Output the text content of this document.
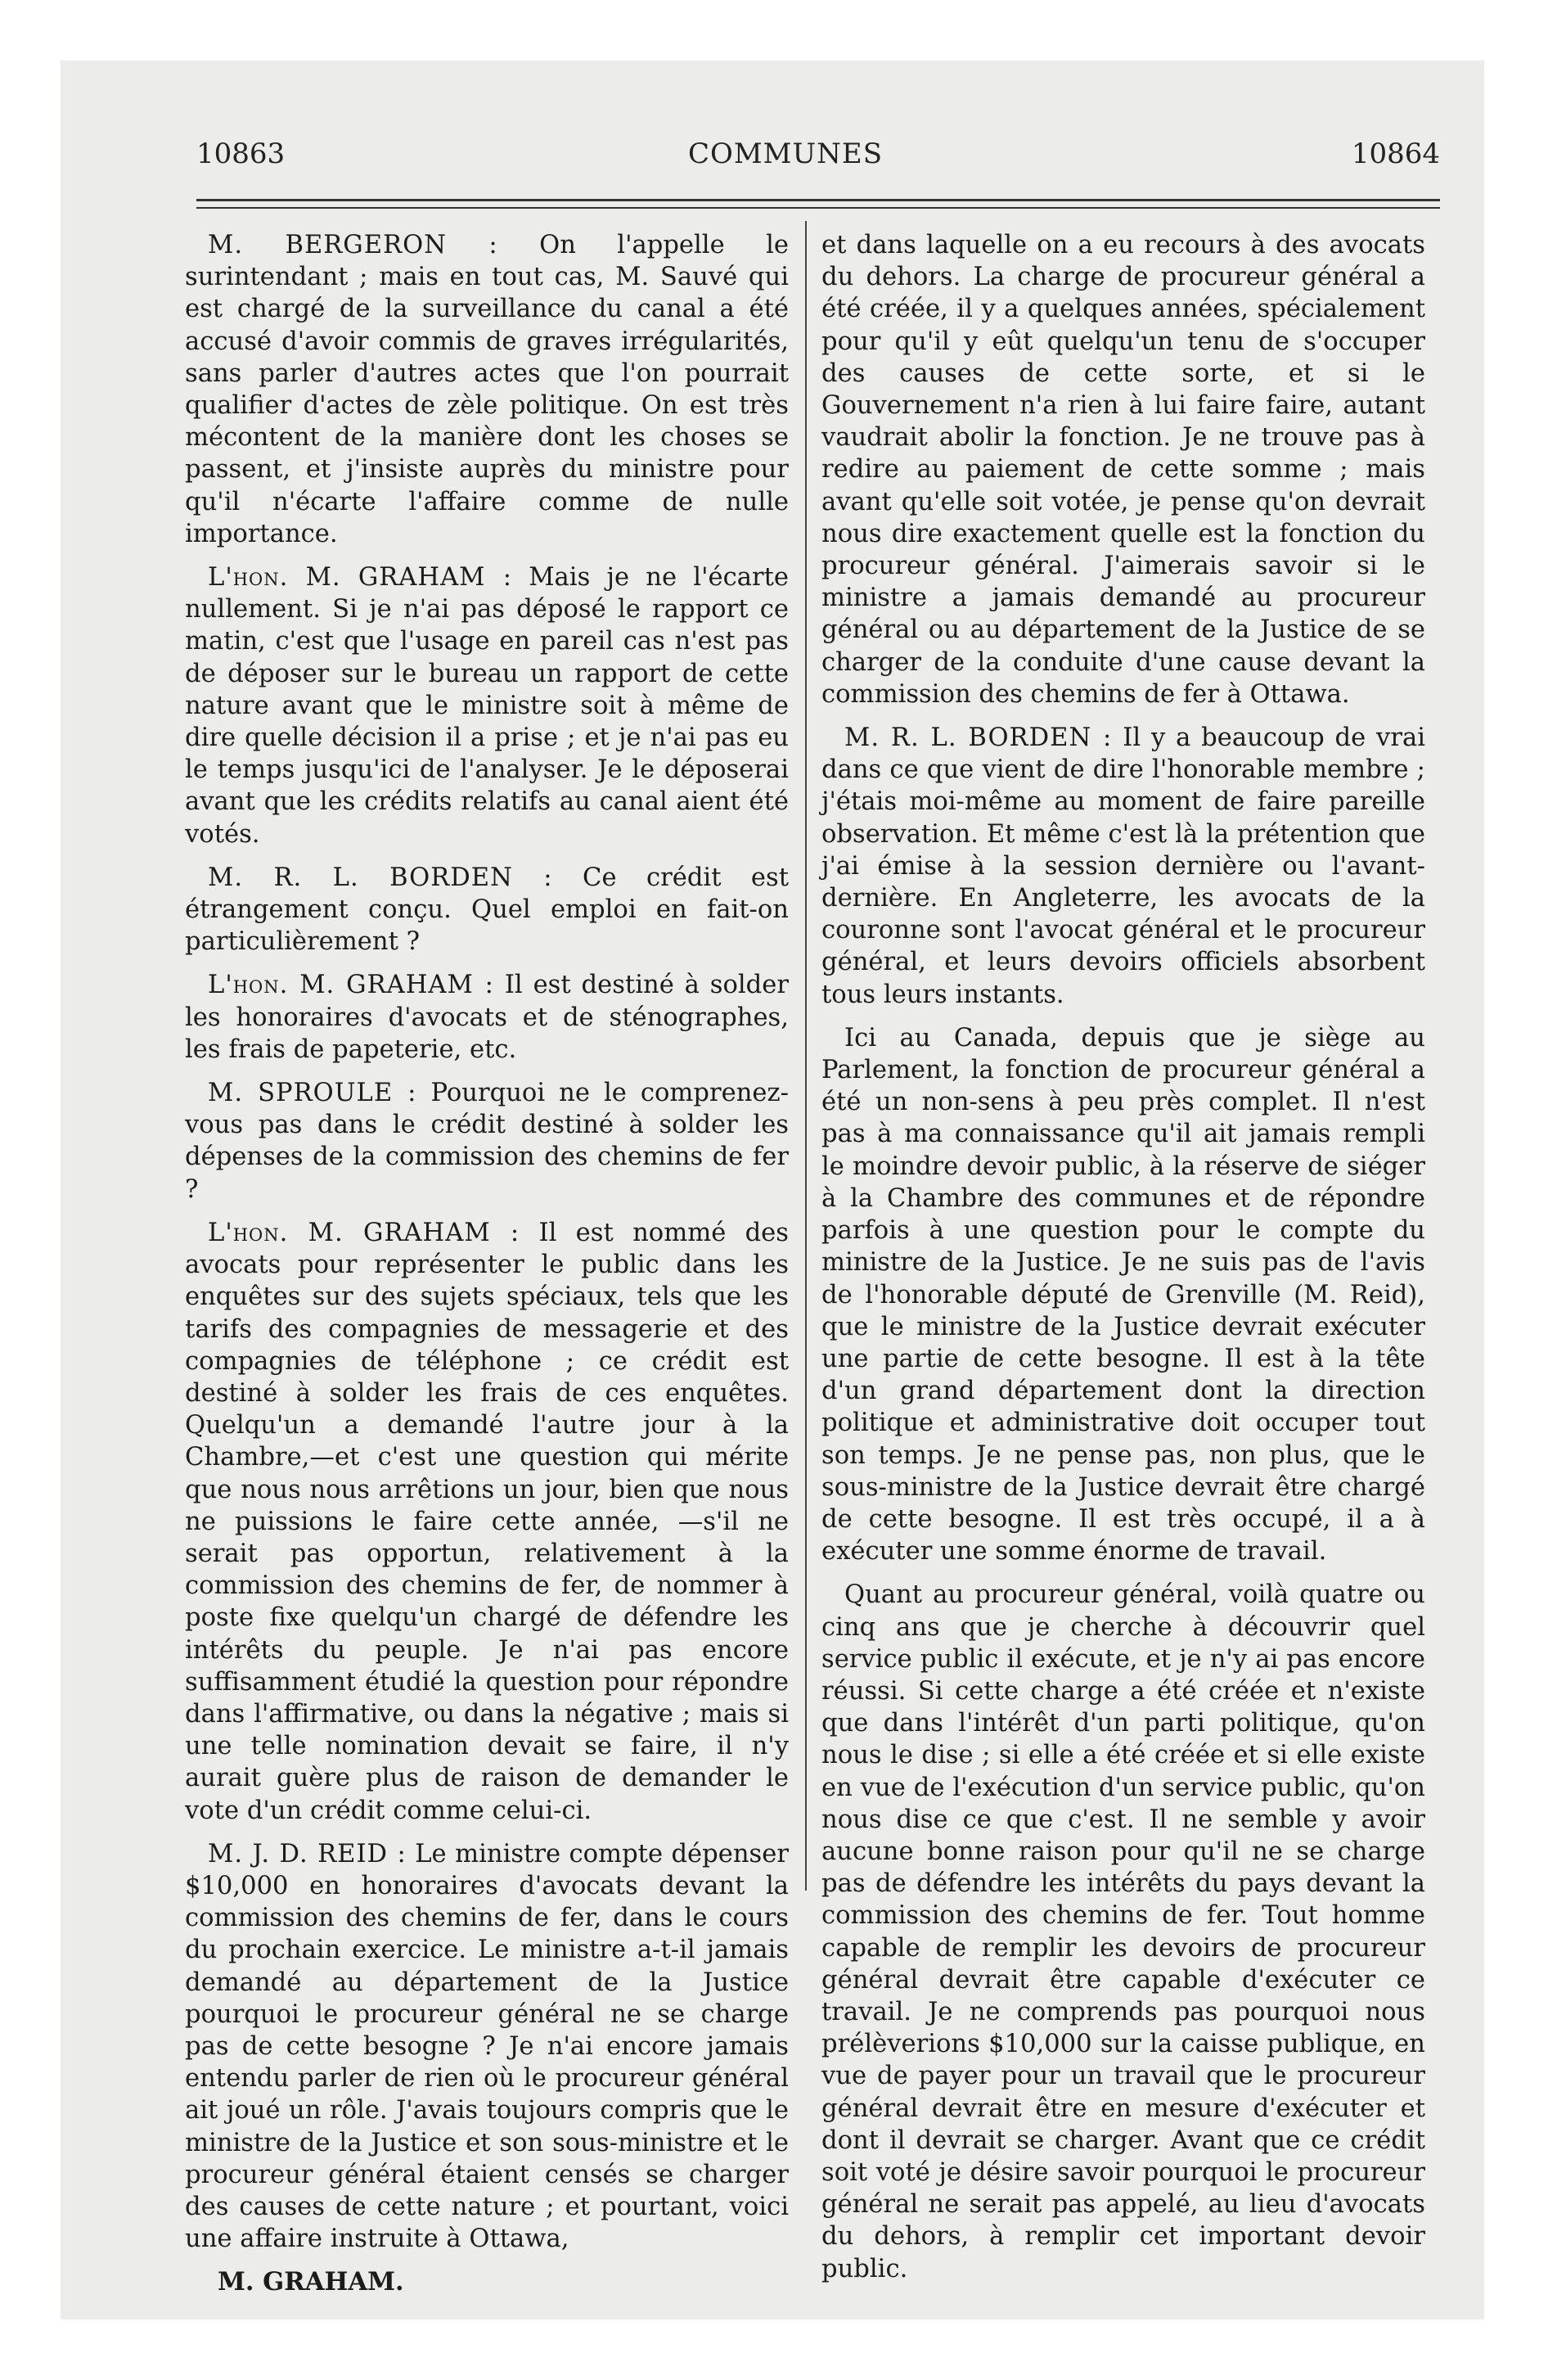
10863	COMMUNES	10864

M. BERGERON : On l'appelle le surintendant ; mais en tout cas, M. Sauvé qui est chargé de la surveillance du canal a été accusé d'avoir commis de graves irrégularités, sans parler d'autres actes que l'on pourrait qualifier d'actes de zèle politique. On est très mécontent de la manière dont les choses se passent, et j'insiste auprès du ministre pour qu'il n'écarte l'affaire comme de nulle importance.

L'hon. M. GRAHAM : Mais je ne l'écarte nullement. Si je n'ai pas déposé le rapport ce matin, c'est que l'usage en pareil cas n'est pas de déposer sur le bureau un rapport de cette nature avant que le ministre soit à même de dire quelle décision il a prise ; et je n'ai pas eu le temps jusqu'ici de l'analyser. Je le déposerai avant que les crédits relatifs au canal aient été votés.

M. R. L. BORDEN : Ce crédit est étrangement conçu. Quel emploi en fait-on particulièrement ?

L'hon. M. GRAHAM : Il est destiné à solder les honoraires d'avocats et de sténographes, les frais de papeterie, etc.

M. SPROULE : Pourquoi ne le comprenez-vous pas dans le crédit destiné à solder les dépenses de la commission des chemins de fer ?

L'hon. M. GRAHAM : Il est nommé des avocats pour représenter le public dans les enquêtes sur des sujets spéciaux, tels que les tarifs des compagnies de messagerie et des compagnies de téléphone ; ce crédit est destiné à solder les frais de ces enquêtes. Quelqu'un a demandé l'autre jour à la Chambre,—et c'est une question qui mérite que nous nous arrêtions un jour, bien que nous ne puissions le faire cette année, —s'il ne serait pas opportun, relativement à la commission des chemins de fer, de nommer à poste fixe quelqu'un chargé de défendre les intérêts du peuple. Je n'ai pas encore suffisamment étudié la question pour répondre dans l'affirmative, ou dans la négative ; mais si une telle nomination devait se faire, il n'y aurait guère plus de raison de demander le vote d'un crédit comme celui-ci.

M. J. D. REID : Le ministre compte dépenser $10,000 en honoraires d'avocats devant la commission des chemins de fer, dans le cours du prochain exercice. Le ministre a-t-il jamais demandé au département de la Justice pourquoi le procureur général ne se charge pas de cette besogne ? Je n'ai encore jamais entendu parler de rien où le procureur général ait joué un rôle. J'avais toujours compris que le ministre de la Justice et son sous-ministre et le procureur général étaient censés se charger des causes de cette nature ; et pourtant, voici une affaire instruite à Ottawa,

M. GRAHAM.

et dans laquelle on a eu recours à des avocats du dehors. La charge de procureur général a été créée, il y a quelques années, spécialement pour qu'il y eût quelqu'un tenu de s'occuper des causes de cette sorte, et si le Gouvernement n'a rien à lui faire faire, autant vaudrait abolir la fonction. Je ne trouve pas à redire au paiement de cette somme ; mais avant qu'elle soit votée, je pense qu'on devrait nous dire exactement quelle est la fonction du procureur général. J'aimerais savoir si le ministre a jamais demandé au procureur général ou au département de la Justice de se charger de la conduite d'une cause devant la commission des chemins de fer à Ottawa.

M. R. L. BORDEN : Il y a beaucoup de vrai dans ce que vient de dire l'honorable membre ; j'étais moi-même au moment de faire pareille observation. Et même c'est là la prétention que j'ai émise à la session dernière ou l'avant-dernière. En Angleterre, les avocats de la couronne sont l'avocat général et le procureur général, et leurs devoirs officiels absorbent tous leurs instants.

Ici au Canada, depuis que je siège au Parlement, la fonction de procureur général a été un non-sens à peu près complet. Il n'est pas à ma connaissance qu'il ait jamais rempli le moindre devoir public, à la réserve de siéger à la Chambre des communes et de répondre parfois à une question pour le compte du ministre de la Justice. Je ne suis pas de l'avis de l'honorable député de Grenville (M. Reid), que le ministre de la Justice devrait exécuter une partie de cette besogne. Il est à la tête d'un grand département dont la direction politique et administrative doit occuper tout son temps. Je ne pense pas, non plus, que le sous-ministre de la Justice devrait être chargé de cette besogne. Il est très occupé, il a à exécuter une somme énorme de travail.

Quant au procureur général, voilà quatre ou cinq ans que je cherche à découvrir quel service public il exécute, et je n'y ai pas encore réussi. Si cette charge a été créée et n'existe que dans l'intérêt d'un parti politique, qu'on nous le dise ; si elle a été créée et si elle existe en vue de l'exécution d'un service public, qu'on nous dise ce que c'est. Il ne semble y avoir aucune bonne raison pour qu'il ne se charge pas de défendre les intérêts du pays devant la commission des chemins de fer. Tout homme capable de remplir les devoirs de procureur général devrait être capable d'exécuter ce travail. Je ne comprends pas pourquoi nous prélèverions $10,000 sur la caisse publique, en vue de payer pour un travail que le procureur général devrait être en mesure d'exécuter et dont il devrait se charger. Avant que ce crédit soit voté je désire savoir pourquoi le procureur général ne serait pas appelé, au lieu d'avocats du dehors, à remplir cet important devoir public.
